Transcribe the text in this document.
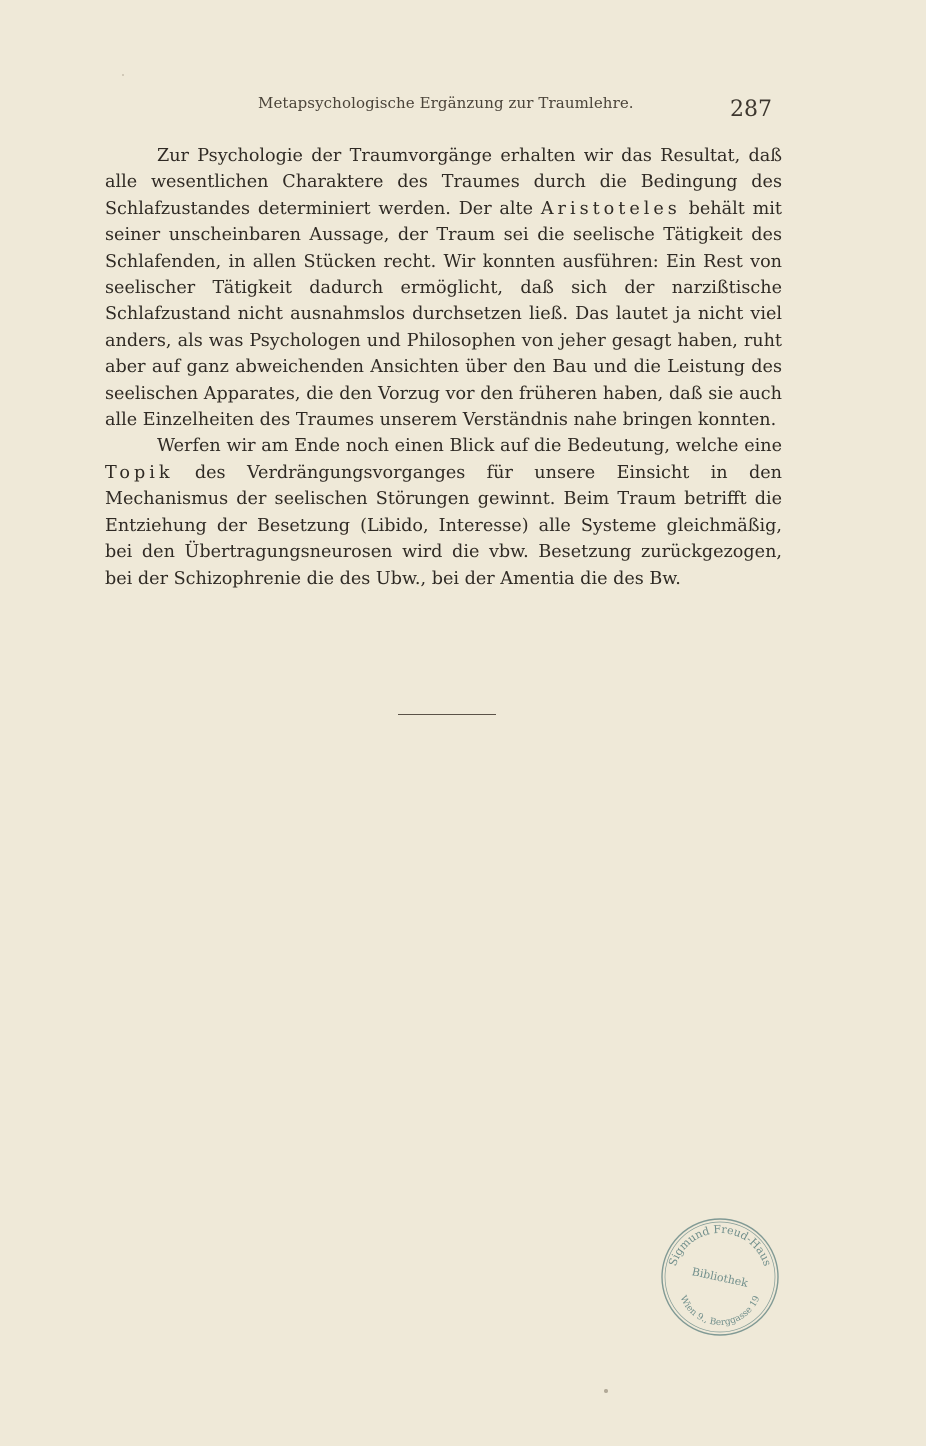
Metapsychologische Ergänzung zur Traumlehre.	287

Zur Psychologie der Traumvorgänge erhalten wir das Resultat, daß alle wesentlichen Charaktere des Traumes durch die Bedingung des Schlafzustandes determiniert werden. Der alte Aristoteles behält mit seiner unscheinbaren Aussage, der Traum sei die seelische Tätigkeit des Schlafenden, in allen Stücken recht. Wir konnten ausführen: Ein Rest von seelischer Tätigkeit dadurch ermöglicht, daß sich der narzißtische Schlafzustand nicht ausnahmslos durchsetzen ließ. Das lautet ja nicht viel anders, als was Psychologen und Philosophen von jeher gesagt haben, ruht aber auf ganz abweichenden Ansichten über den Bau und die Leistung des seelischen Apparates, die den Vorzug vor den früheren haben, daß sie auch alle Einzelheiten des Traumes unserem Verständnis nahe bringen konnten.

Werfen wir am Ende noch einen Blick auf die Bedeutung, welche eine Topik des Verdrängungsvorganges für unsere Einsicht in den Mechanismus der seelischen Störungen gewinnt. Beim Traum betrifft die Entziehung der Besetzung (Libido, Interesse) alle Systeme gleichmäßig, bei den Übertragungsneurosen wird die vbw. Besetzung zurückgezogen, bei der Schizophrenie die des Ubw., bei der Amentia die des Bw.

Sigmund Freud-Haus
Bibliothek
Wien 9., Berggasse 19
